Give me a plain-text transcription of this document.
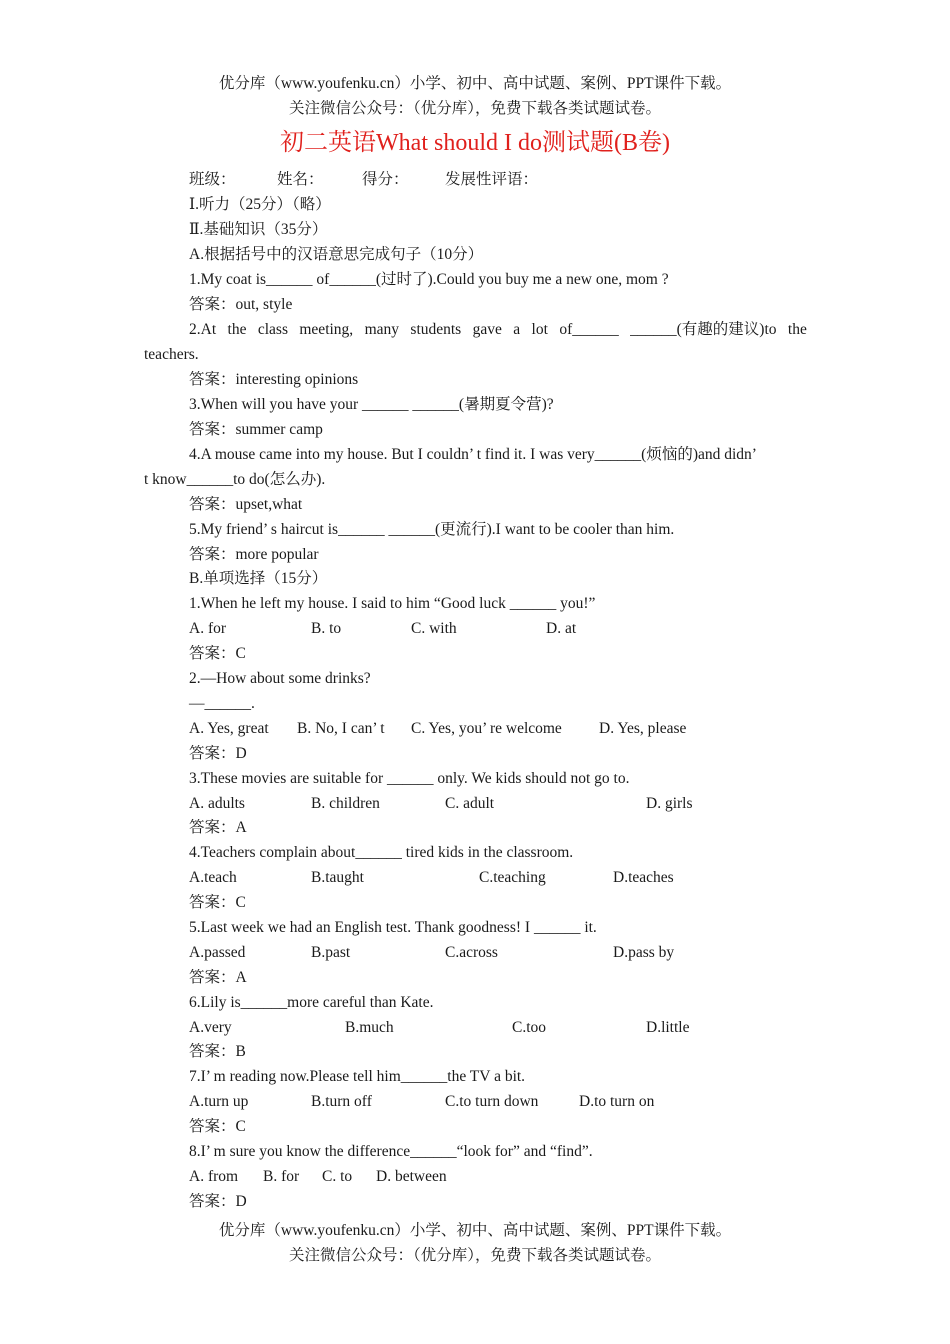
优分库（www.youfenku.cn）小学、初中、高中试题、案例、PPT课件下载。
关注微信公众号：（优分库），免费下载各类试题试卷。
初二英语What should I do测试题(B卷)
班级：	姓名： 得分： 发展性评语：
Ⅰ.听力（25分）（略）
Ⅱ.基础知识（35分）
A.根据括号中的汉语意思完成句子（10分）
1.My coat is______ of______(过时了).Could you buy me a new one, mom ?
答案：out, style
2.At the class meeting, many students gave a lot of______ ______(有趣的建议)to the
teachers.
答案：interesting opinions
3.When will you have your ______ ______(暑期夏令营)?
答案：summer camp
4.A mouse came into my house. But I couldn’ t find it. I was very______(烦恼的)and didn’
t know______to do(怎么办).
答案：upset,what
5.My friend’ s haircut is______ ______(更流行).I want to be cooler than him.
答案：more popular
B.单项选择（15分）
1.When he left my house. I said to him “Good luck ______ you!”
A. for	B. to	C. with	D. at
答案：C
2.—How about some drinks?
—______.
A. Yes, great B. No, I can’ t C. Yes, you’ re welcome D. Yes, please
答案：D
3.These movies are suitable for ______ only. We kids should not go to.
A. adults	B. children	C. adult	D. girls
答案：A
4.Teachers complain about______ tired kids in the classroom.
A.teach	B.taught	C.teaching	D.teaches
答案：C
5.Last week we had an English test. Thank goodness! I ______ it.
A.passed	B.past	C.across	D.pass by
答案：A
6.Lily is______more careful than Kate.
A.very	B.much	C.too	D.little
答案：B
7.I’ m reading now.Please tell him______the TV a bit.
A.turn up	B.turn off	C.to turn down	D.to turn on
答案：C
8.I’ m sure you know the difference______“look for” and “find”.
A. from B. for C. to D. between
答案：D
优分库（www.youfenku.cn）小学、初中、高中试题、案例、PPT课件下载。
关注微信公众号：（优分库），免费下载各类试题试卷。
